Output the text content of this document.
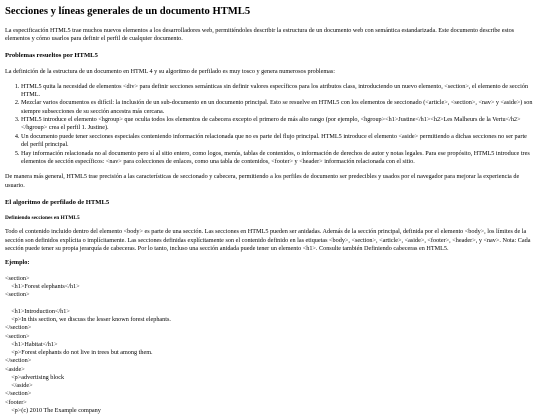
Secciones y líneas generales de un documento HTML5

La especificación HTML5 trae muchos nuevos elementos a los desarrolladores web, permitiéndoles describir la estructura de un documento web con semántica estandarizada. Este documento describe estos elementos y cómo usarlos para definir el perfil de cualquier documento.

Problemas resueltos por HTML5

La definición de la estructura de un documento en HTML 4 y su algoritmo de perfilado es muy tosco y genera numerosos problemas:

1. HTML5 quita la necesidad de elementos <div> para definir secciones semánticas sin definir valores específicos para los atributos class, introduciendo un nuevo elemento, <section>, el elemento de sección HTML.
2. Mezclar varios documentos es difícil: la inclusión de un sub-documento en un documento principal. Esto se resuelve en HTML5 con los elementos de seccionado (<article>, <section>, <nav> y <aside>) son siempre subsecciones de su sección ancestra más cercana.
3. HTML5 introduce el elemento <hgroup> que oculta todos los elementos de cabecera excepto el primero de más alto rango (por ejemplo, <hgroup><h1>Justine</h1><h2>Les Malheurs de la Vertu</h2></hgroup> crea el perfil 1. Justine).
4. Un documento puede tener secciones especiales conteniendo información relacionada que no es parte del flujo principal. HTML5 introduce el elemento <aside> permitiendo a dichas secciones no ser parte del perfil principal.
5. Hay información relacionada no al documento pero sí al sitio entero, como logos, menús, tablas de contenidos, o información de derechos de autor y notas legales. Para ese propósito, HTML5 introduce tres elementos de sección específicos: <nav> para colecciones de enlaces, como una tabla de contenidos, <footer> y <header> información relacionada con el sitio.

De manera más general, HTML5 trae precisión a las características de seccionado y cabecera, permitiendo a los perfiles de documento ser predecibles y usados por el navegador para mejorar la experiencia de usuario.

El algoritmo de perfilado de HTML5
Definiendo secciones en HTML5

Todo el contenido incluido dentro del elemento <body> es parte de una sección. Las secciones en HTML5 pueden ser anidadas. Además de la sección principal, definida por el elemento <body>, los límites de la sección son definidos explícita o implícitamente. Las secciones definidas explícitamente son el contenido definido en las etiquetas <body>, <section>, <article>, <aside>, <footer>, <header>, y <nav>. Nota: Cada sección puede tener su propia jerarquía de cabeceras. Por lo tanto, incluso una sección anidada puede tener un elemento <h1>. Consulte también Definiendo cabeceras en HTML5.

Ejemplo:

<section>
<h1>Forest elephants</h1>
<section>

<h1>Introduction</h1>
<p>In this section, we discuss the lesser known forest elephants.
</section>
<section>
<h1>Habitat</h1>
<p>Forest elephants do not live in trees but among them.
</section>
<aside>
<p>advertising block
</aside>
</section>
<footer>
<p>(c) 2010 The Example company
